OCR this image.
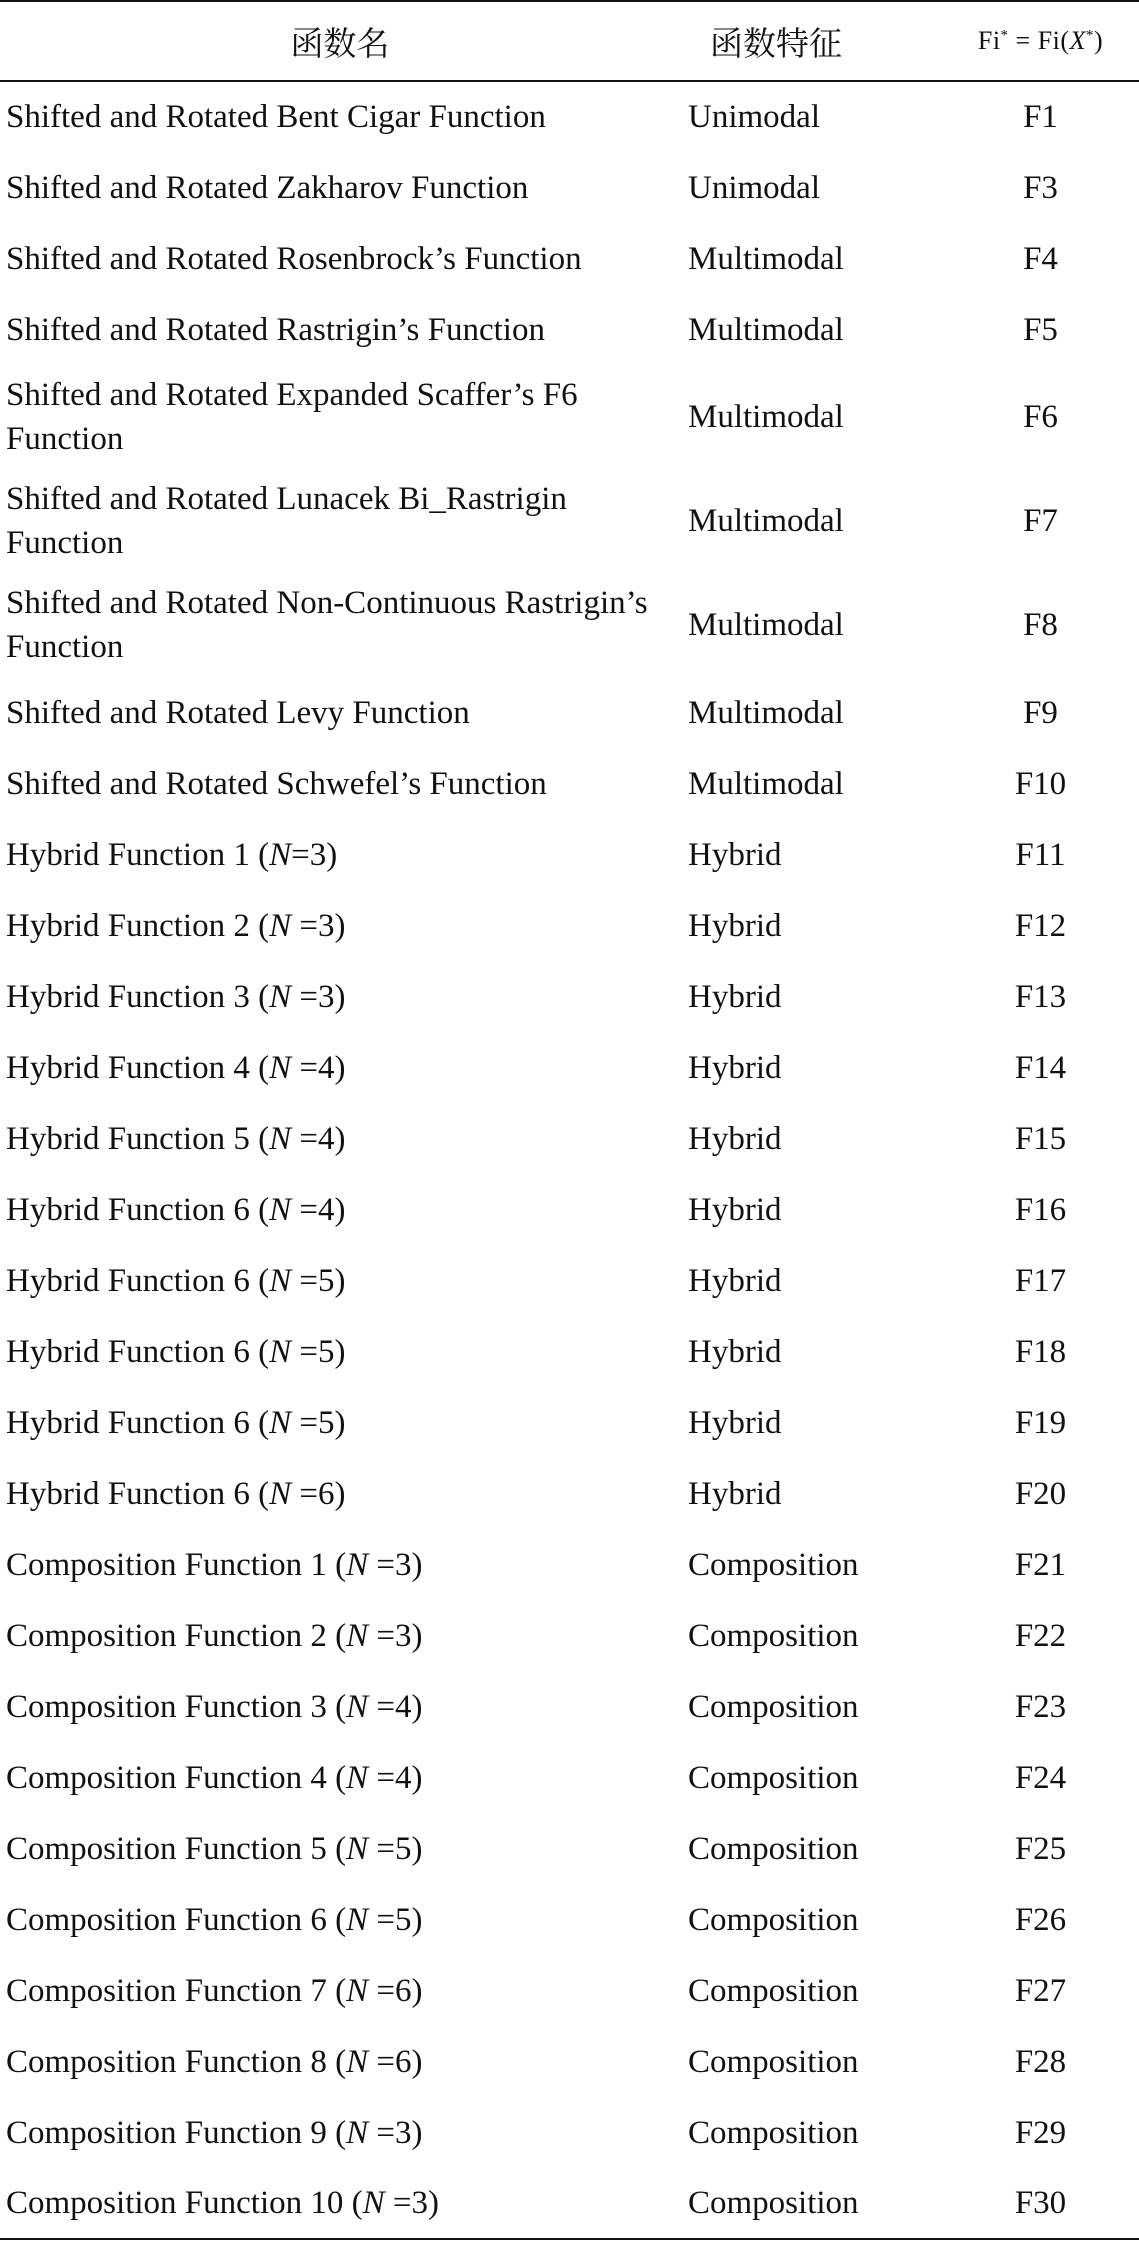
函数名	函数特征	Fi* = Fi(X*)
Shifted and Rotated Bent Cigar Function	Unimodal	F1
Shifted and Rotated Zakharov Function	Unimodal	F3
Shifted and Rotated Rosenbrock’s Function	Multimodal	F4
Shifted and Rotated Rastrigin’s Function	Multimodal	F5
Shifted and Rotated Expanded Scaffer’s F6 Function	Multimodal	F6
Shifted and Rotated Lunacek Bi_Rastrigin Function	Multimodal	F7
Shifted and Rotated Non-Continuous Rastrigin’s Function	Multimodal	F8
Shifted and Rotated Levy Function	Multimodal	F9
Shifted and Rotated Schwefel’s Function	Multimodal	F10
Hybrid Function 1 (N=3)	Hybrid	F11
Hybrid Function 2 (N =3)	Hybrid	F12
Hybrid Function 3 (N =3)	Hybrid	F13
Hybrid Function 4 (N =4)	Hybrid	F14
Hybrid Function 5 (N =4)	Hybrid	F15
Hybrid Function 6 (N =4)	Hybrid	F16
Hybrid Function 6 (N =5)	Hybrid	F17
Hybrid Function 6 (N =5)	Hybrid	F18
Hybrid Function 6 (N =5)	Hybrid	F19
Hybrid Function 6 (N =6)	Hybrid	F20
Composition Function 1 (N =3)	Composition	F21
Composition Function 2 (N =3)	Composition	F22
Composition Function 3 (N =4)	Composition	F23
Composition Function 4 (N =4)	Composition	F24
Composition Function 5 (N =5)	Composition	F25
Composition Function 6 (N =5)	Composition	F26
Composition Function 7 (N =6)	Composition	F27
Composition Function 8 (N =6)	Composition	F28
Composition Function 9 (N =3)	Composition	F29
Composition Function 10 (N =3)	Composition	F30
